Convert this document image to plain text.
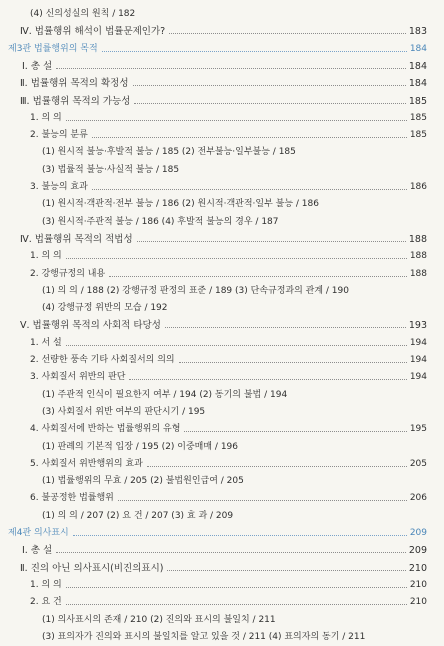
(4) 신의성실의 원칙 / 182
Ⅳ. 법률행위 해석이 법률문제인가?	183
제3관 법률행위의 목적	184
Ⅰ. 총 설	184
Ⅱ. 법률행위 목적의 확정성	184
Ⅲ. 법률행위 목적의 가능성	185
1. 의 의	185
2. 불능의 분류	185
(1) 원시적 불능·후발적 불능 / 185 (2) 전부불능·일부불능 / 185
(3) 법률적 불능·사실적 불능 / 185
3. 불능의 효과	186
(1) 원시적·객관적·전부 불능 / 186 (2) 원시적·객관적·일부 불능 / 186
(3) 원시적·주관적 불능 / 186 (4) 후발적 불능의 경우 / 187
Ⅳ. 법률행위 목적의 적법성	188
1. 의 의	188
2. 강행규정의 내용	188
(1) 의 의 / 188 (2) 강행규정 판정의 표준 / 189 (3) 단속규정과의 관계 / 190
(4) 강행규정 위반의 모습 / 192
Ⅴ. 법률행위 목적의 사회적 타당성	193
1. 서 설	194
2. 선량한 풍속 기타 사회질서의 의의	194
3. 사회질서 위반의 판단	194
(1) 주관적 인식이 필요한지 여부 / 194 (2) 동기의 불법 / 194
(3) 사회질서 위반 여부의 판단시기 / 195
4. 사회질서에 반하는 법률행위의 유형	195
(1) 판례의 기본적 입장 / 195 (2) 이중매매 / 196
5. 사회질서 위반행위의 효과	205
(1) 법률행위의 무효 / 205 (2) 불법원인급여 / 205
6. 불공정한 법률행위	206
(1) 의 의 / 207 (2) 요 건 / 207 (3) 효 과 / 209
제4관 의사표시	209
Ⅰ. 총 설	209
Ⅱ. 진의 아닌 의사표시(비진의표시)	210
1. 의 의	210
2. 요 건	210
(1) 의사표시의 존재 / 210 (2) 진의와 표시의 불일치 / 211
(3) 표의자가 진의와 표시의 불일치를 알고 있을 것 / 211 (4) 표의자의 동기 / 211
